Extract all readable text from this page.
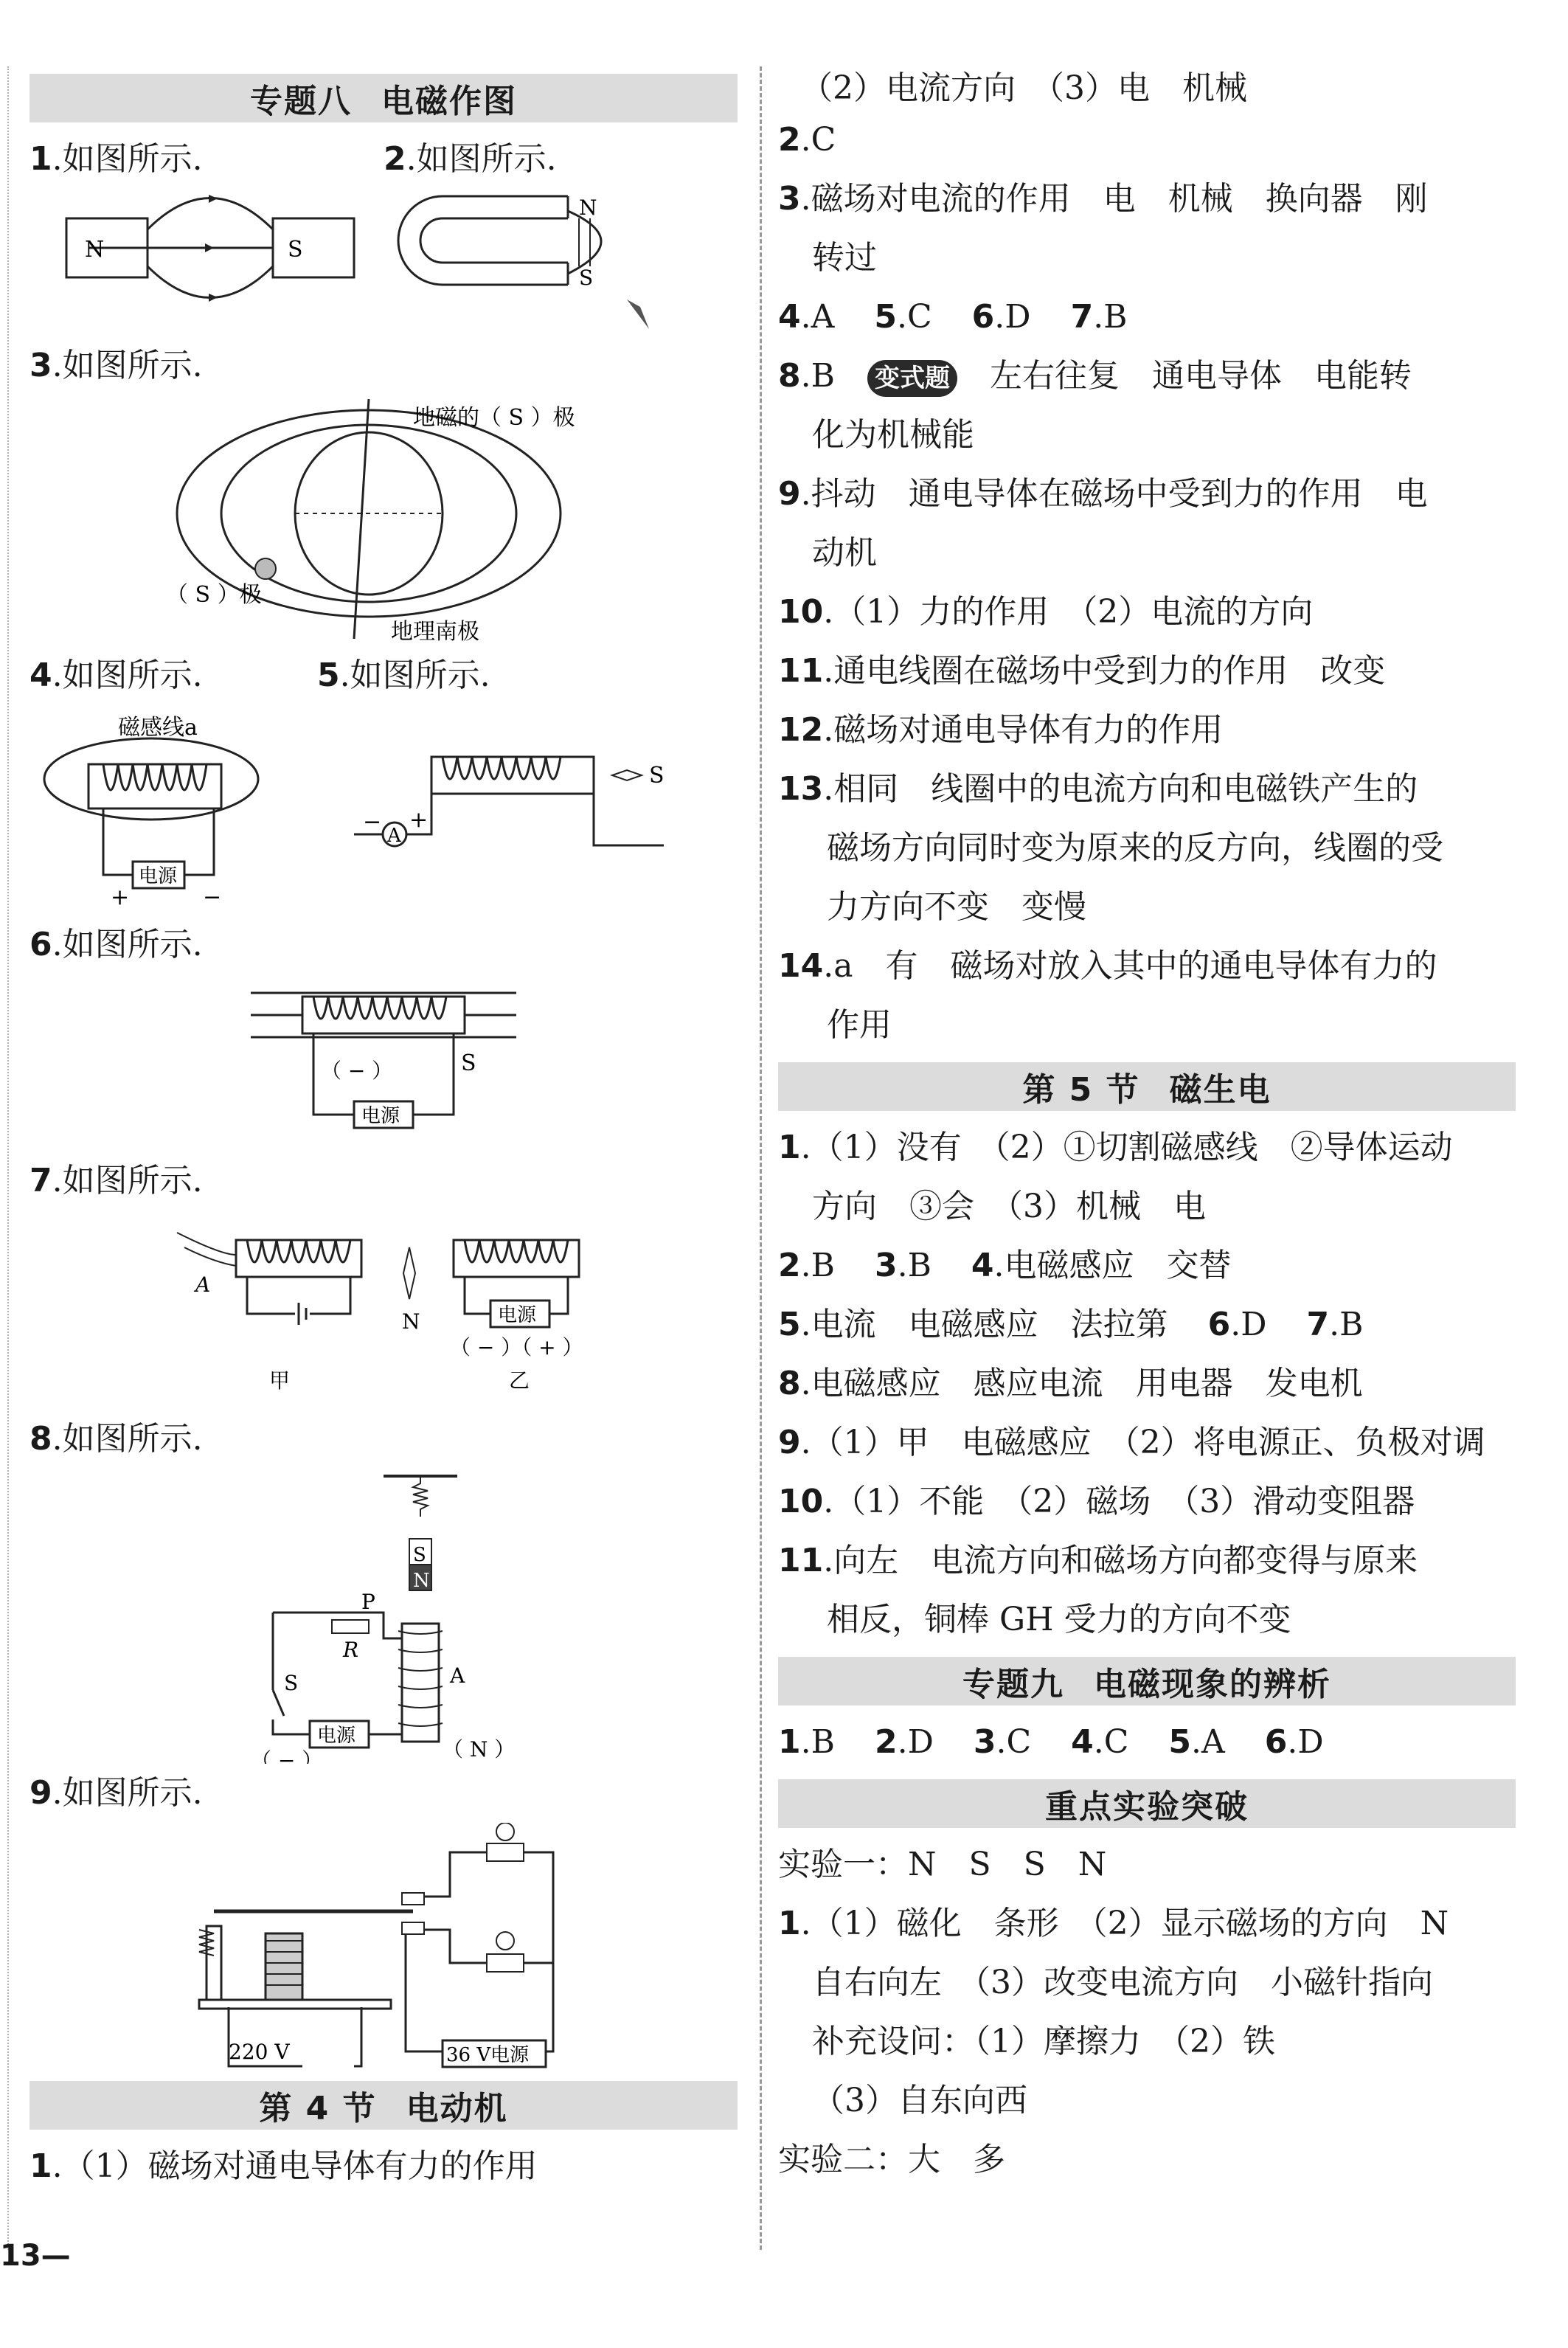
专题八 电磁作图
1.如图所示.	2.如图所示.
N	S
N
S
3.如图所示.
地磁的（ S ）极
（ S ）极
地理南极
4.如图所示.	5.如图所示.
磁感线a
电源
+	−
S
A
− +
6.如图所示.
电源
（ − ）	S
7.如图所示.
A
N	电源
（ − ）（ + ）
甲	乙
8.如图所示.
S
N
电源
P
R
S	A
（ N ）
（ − ）
9.如图所示.
220 V	36 V电源
第 4 节 电动机
1.（1）磁场对通电导体有力的作用
（2）电流方向　（3）电　机械
2.C
3.磁场对电流的作用　电　机械　换向器　刚
转过
4.A 5.C 6.D 7.B
8.B　 变式题　 左右往复　通电导体　电能转
化为机械能
9.抖动　通电导体在磁场中受到力的作用　电
动机
10.（1）力的作用　（2）电流的方向
11.通电线圈在磁场中受到力的作用　改变
12.磁场对通电导体有力的作用
13.相同　线圈中的电流方向和电磁铁产生的
磁场方向同时变为原来的反方向，线圈的受
力方向不变　变慢
14.a　有　磁场对放入其中的通电导体有力的
作用
第 5 节 磁生电
1.（1）没有　（2）①切割磁感线　②导体运动
方向　③会　（3）机械　电
2.B 3.B 4.电磁感应　交替
5.电流　电磁感应　法拉第 6.D 7.B
8.电磁感应　感应电流　用电器　发电机
9.（1）甲　电磁感应　（2）将电源正、负极对调
10.（1）不能　（2）磁场　（3）滑动变阻器
11.向左　电流方向和磁场方向都变得与原来
相反，铜棒 GH 受力的方向不变
专题九 电磁现象的辨析
1.B 2.D 3.C 4.C 5.A 6.D
重点实验突破
实验一：N　S　S　N
1.（1）磁化　条形　（2）显示磁场的方向　N
自右向左　（3）改变电流方向　小磁针指向
补充设问：（1）摩擦力　（2）铁
（3）自东向西
实验二：大　多
13—
